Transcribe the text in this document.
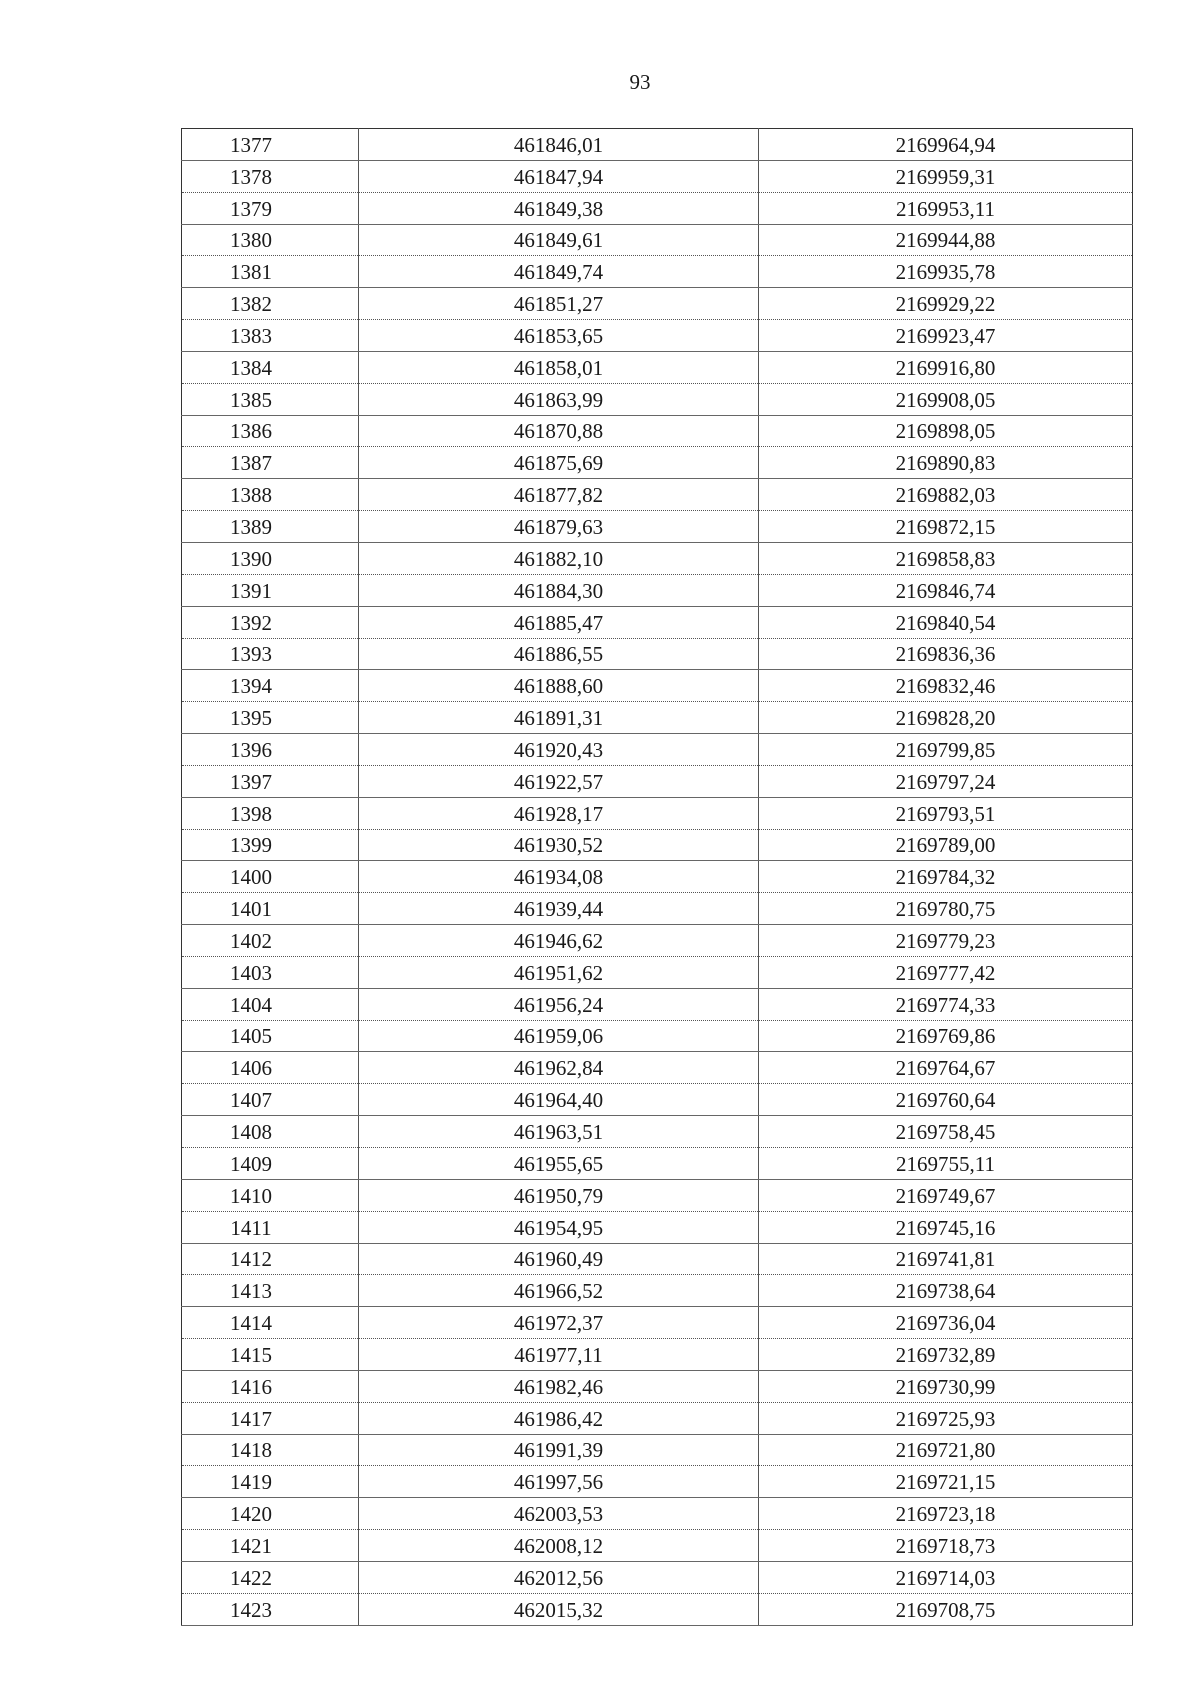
93
1377	461846,01	2169964,94
1378	461847,94	2169959,31
1379	461849,38	2169953,11
1380	461849,61	2169944,88
1381	461849,74	2169935,78
1382	461851,27	2169929,22
1383	461853,65	2169923,47
1384	461858,01	2169916,80
1385	461863,99	2169908,05
1386	461870,88	2169898,05
1387	461875,69	2169890,83
1388	461877,82	2169882,03
1389	461879,63	2169872,15
1390	461882,10	2169858,83
1391	461884,30	2169846,74
1392	461885,47	2169840,54
1393	461886,55	2169836,36
1394	461888,60	2169832,46
1395	461891,31	2169828,20
1396	461920,43	2169799,85
1397	461922,57	2169797,24
1398	461928,17	2169793,51
1399	461930,52	2169789,00
1400	461934,08	2169784,32
1401	461939,44	2169780,75
1402	461946,62	2169779,23
1403	461951,62	2169777,42
1404	461956,24	2169774,33
1405	461959,06	2169769,86
1406	461962,84	2169764,67
1407	461964,40	2169760,64
1408	461963,51	2169758,45
1409	461955,65	2169755,11
1410	461950,79	2169749,67
1411	461954,95	2169745,16
1412	461960,49	2169741,81
1413	461966,52	2169738,64
1414	461972,37	2169736,04
1415	461977,11	2169732,89
1416	461982,46	2169730,99
1417	461986,42	2169725,93
1418	461991,39	2169721,80
1419	461997,56	2169721,15
1420	462003,53	2169723,18
1421	462008,12	2169718,73
1422	462012,56	2169714,03
1423	462015,32	2169708,75
